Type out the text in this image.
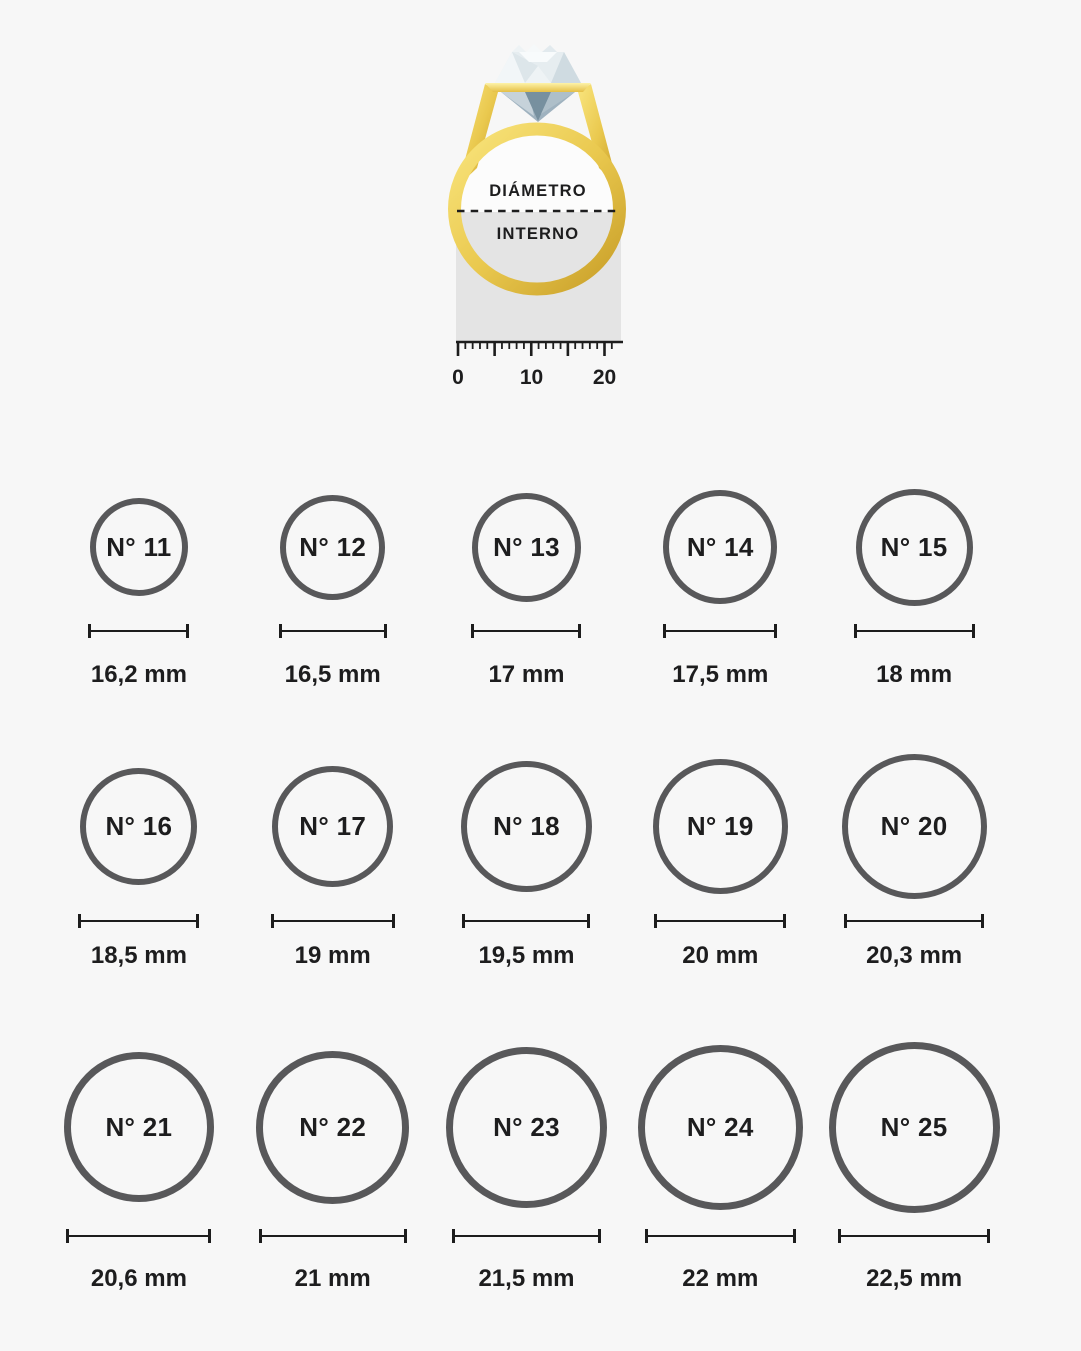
DIÁMETRO
INTERNO
0	10 20
N° 11
16,2 mm
N° 12
16,5 mm
N° 13
17 mm
N° 14
17,5 mm
N° 15
18 mm
N° 16
18,5 mm
N° 17
19 mm
N° 18
19,5 mm
N° 19
20 mm
N° 20
20,3 mm
N° 21
20,6 mm
N° 22
21 mm
N° 23
21,5 mm
N° 24
22 mm
N° 25
22,5 mm
